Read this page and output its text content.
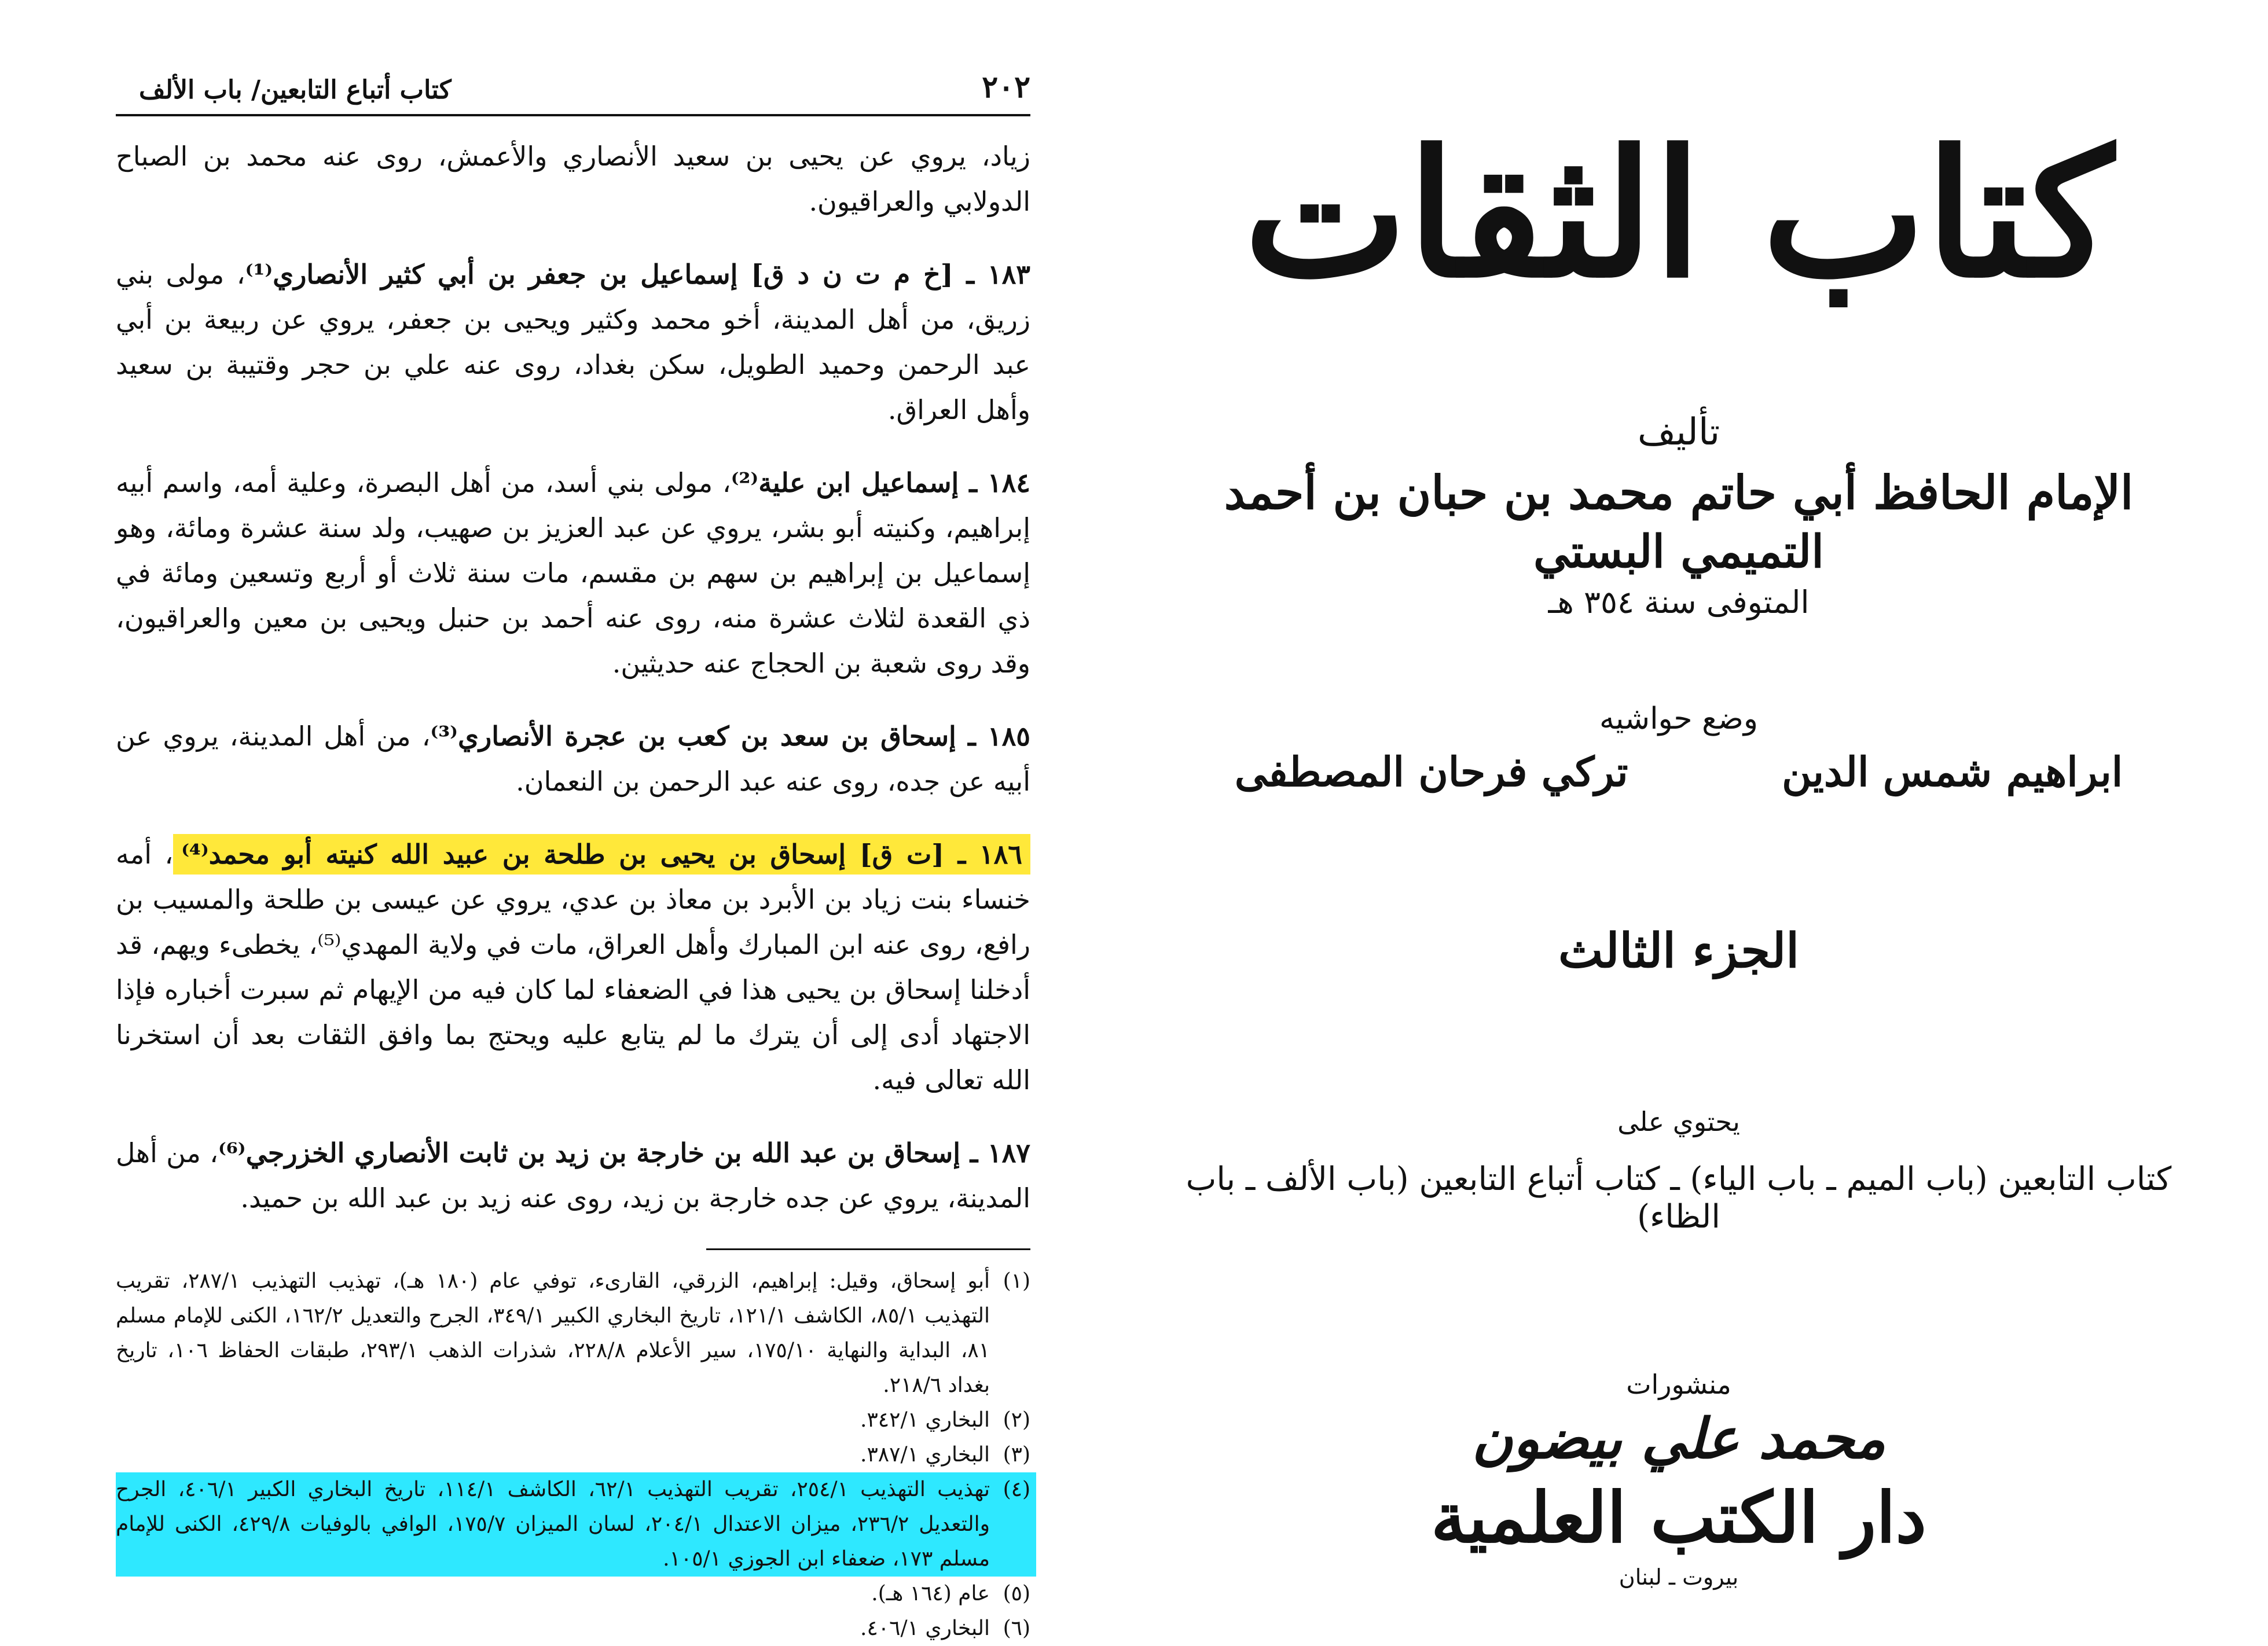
٢٠٢
كتاب أتباع التابعين/ باب الألف

زياد، يروي عن يحيى بن سعيد الأنصاري والأعمش، روى عنه محمد بن الصباح الدولابي والعراقيون.

١٨٣ ـ [خ م ت ن د ق] إسماعيل بن جعفر بن أبي كثير الأنصاري⁽¹⁾، مولى بني زريق، من أهل المدينة، أخو محمد وكثير ويحيى بن جعفر، يروي عن ربيعة بن أبي عبد الرحمن وحميد الطويل، سكن بغداد، روى عنه علي بن حجر وقتيبة بن سعيد وأهل العراق.

١٨٤ ـ إسماعيل ابن علية⁽²⁾، مولى بني أسد، من أهل البصرة، وعلية أمه، واسم أبيه إبراهيم، وكنيته أبو بشر، يروي عن عبد العزيز بن صهيب، ولد سنة عشرة ومائة، وهو إسماعيل بن إبراهيم بن سهم بن مقسم، مات سنة ثلاث أو أربع وتسعين ومائة في ذي القعدة لثلاث عشرة منه، روى عنه أحمد بن حنبل ويحيى بن معين والعراقيون، وقد روى شعبة بن الحجاج عنه حديثين.

١٨٥ ـ إسحاق بن سعد بن كعب بن عجرة الأنصاري⁽³⁾، من أهل المدينة، يروي عن أبيه عن جده، روى عنه عبد الرحمن بن النعمان.

١٨٦ ـ [ت ق] إسحاق بن يحيى بن طلحة بن عبيد الله كنيته أبو محمد⁽⁴⁾، أمه خنساء بنت زياد بن الأبرد بن معاذ بن عدي، يروي عن عيسى بن طلحة والمسيب بن رافع، روى عنه ابن المبارك وأهل العراق، مات في ولاية المهدي⁽⁵⁾، يخطىء ويهم، قد أدخلنا إسحاق بن يحيى هذا في الضعفاء لما كان فيه من الإيهام ثم سبرت أخباره فإذا الاجتهاد أدى إلى أن يترك ما لم يتابع عليه ويحتج بما وافق الثقات بعد أن استخرنا الله تعالى فيه.

١٨٧ ـ إسحاق بن عبد الله بن خارجة بن زيد بن ثابت الأنصاري الخزرجي⁽⁶⁾، من أهل المدينة، يروي عن جده خارجة بن زيد، روى عنه زيد بن عبد الله بن حميد.

(١)
أبو إسحاق، وقيل: إبراهيم، الزرقي، القارىء، توفي عام (١٨٠ هـ)، تهذيب التهذيب ٢٨٧/١، تقريب التهذيب ٨٥/١، الكاشف ١٢١/١، تاريخ البخاري الكبير ٣٤٩/١، الجرح والتعديل ١٦٢/٢، الكنى للإمام مسلم ٨١، البداية والنهاية ١٧٥/١٠، سير الأعلام ٢٢٨/٨، شذرات الذهب ٢٩٣/١، طبقات الحفاظ ١٠٦، تاريخ بغداد ٢١٨/٦.
(٢)
البخاري ٣٤٢/١.
(٣)
البخاري ٣٨٧/١.
(٤)
تهذيب التهذيب ٢٥٤/١، تقريب التهذيب ٦٢/١، الكاشف ١١٤/١، تاريخ البخاري الكبير ٤٠٦/١، الجرح والتعديل ٢٣٦/٢، ميزان الاعتدال ٢٠٤/١، لسان الميزان ١٧٥/٧، الوافي بالوفيات ٤٢٩/٨، الكنى للإمام مسلم ١٧٣، ضعفاء ابن الجوزي ١٠٥/١.
(٥)
عام (١٦٤ هـ).
(٦)
البخاري ٤٠٦/١.
كتاب الثقات
تأليف
الإمام الحافظ أبي حاتم محمد بن حبان بن أحمد
التميمي البستي
المتوفى سنة ٣٥٤ هـ
وضع حواشيه
ابراهيم شمس الدين
تركي فرحان المصطفى
الجزء الثالث
يحتوي على
كتاب التابعين (باب الميم ـ باب الياء) ـ كتاب أتباع التابعين (باب الألف ـ باب الظاء)
منشورات
محمد علي بيضون
دار الكتب العلمية
بيروت ـ لبنان
